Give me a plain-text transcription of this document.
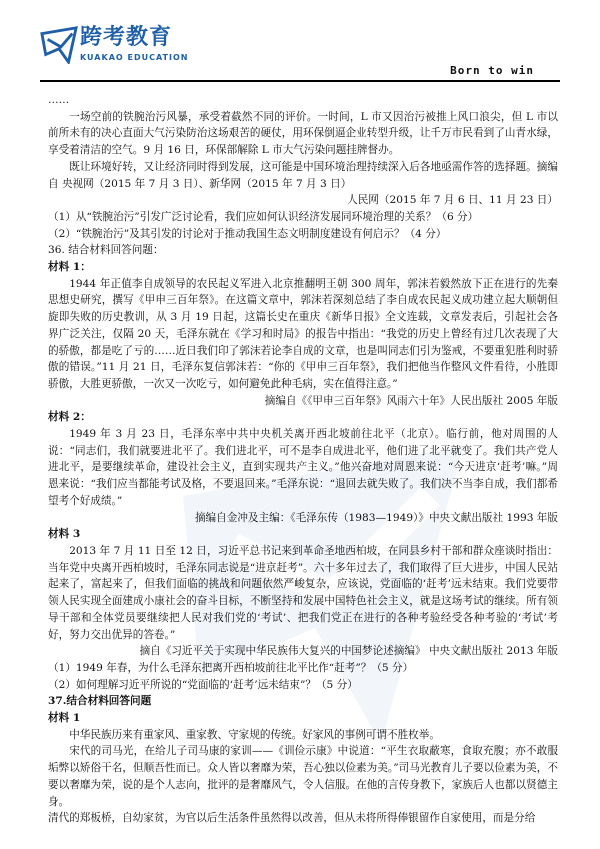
跨考教育
KUAKAO EDUCATION
Born to win

……

一场空前的铁腕治污风暴，承受着截然不同的评价。一时间，L 市又因治污被推上风口浪尖，但 L 市以前所未有的决心直面大气污染防治这场艰苦的硬仗，用环保倒逼企业转型升级，让千万市民看到了山青水绿，享受着清洁的空气。9 月 16 日，环保部解除 L 市大气污染问题挂牌督办。

既让环境好转，又让经济同时得到发展，这可能是中国环境治理持续深入后各地亟需作答的选择题。摘编自 央视网（2015 年 7 月 3 日）、新华网（2015 年 7 月 3 日）

人民网（2015 年 7 月 6 日、11 月 23 日）

（1）从“铁腕治污”引发广泛讨论看，我们应如何认识经济发展同环境治理的关系？（6 分）

（2）“铁腕治污”及其引发的讨论对于推动我国生态文明制度建设有何启示？（4 分）

36. 结合材料回答问题：

材料 1：

1944 年正值李自成领导的农民起义军进入北京推翻明王朝 300 周年，郭沫若毅然放下正在进行的先秦思想史研究，撰写《甲申三百年祭》。在这篇文章中，郭沫若深刻总结了李自成农民起义成功建立起大顺朝但旋即失败的历史教训，从 3 月 19 日起，这篇长史在重庆《新华日报》全文连载，文章发表后，引起社会各界广泛关注，仅隔 20 天，毛泽东就在《学习和时局》的报告中指出：“我党的历史上曾经有过几次表现了大的骄傲，都是吃了亏的……近日我们印了郭沫若论李自成的文章，也是叫同志们引为鉴戒，不要重犯胜利时骄傲的错误。”11 月 21 日，毛泽东复信郭沫若：“你的《甲申三百年祭》，我们把他当作整风文件看待，小胜即骄傲，大胜更骄傲，一次又一次吃亏，如何避免此种毛病，实在值得注意。”

摘编自《《甲申三百年祭》风雨六十年》人民出版社 2005 年版

材料 2：

1949 年 3 月 23 日，毛泽东率中共中央机关离开西北坡前往北平（北京）。临行前，他对周围的人说：“同志们，我们就要进北平了。我们进北平，可不是李自成进北平，他们进了北平就变了。我们共产党人进北平，是要继续革命，建设社会主义，直到实现共产主义。”他兴奋地对周恩来说：“今天进京‘赶考’嘛。”周恩来说：“我们应当都能考试及格，不要退回来。”毛泽东说：“退回去就失败了。我们决不当李自成，我们都希望考个好成绩。”

摘编自金冲及主编：《毛泽东传（1983—1949）》中央文献出版社 1993 年版

材料 3

2013 年 7 月 11 日至 12 日，习近平总书记来到革命圣地西柏坡，在同县乡村干部和群众座谈时指出：当年党中央离开西柏坡时，毛泽东同志说是“进京赶考”。六十多年过去了，我们取得了巨大进步，中国人民站起来了，富起来了，但我们面临的挑战和问题依然严峻复杂，应该说，党面临的‘赶考’远未结束。我们党要带领人民实现全面建成小康社会的奋斗目标，不断坚持和发展中国特色社会主义，就是这场考试的继续。所有领导干部和全体党员要继续把人民对我们党的‘考试’、把我们党正在进行的各种考验经受各种考验的‘考试’考好，努力交出优异的答卷。”

摘自《习近平关于实现中华民族伟大复兴的中国梦论述摘编》 中央文献出版社 2013 年版

（1）1949 年春，为什么毛泽东把离开西柏坡前往北平比作“赶考”？（5 分）

（2）如何理解习近平所说的“党面临的‘赶考’远未结束”？（5 分）

37.结合材料回答问题

材料 1

中华民族历来有重家风、重家教、守家规的传统。好家风的事例可谓不胜枚举。

宋代的司马光，在给儿子司马康的家训——《训俭示康》中说道：“平生衣取蔽寒，食取充腹；亦不敢服垢弊以矫俗干名，但顺吾性而已。众人皆以奢靡为荣，吾心独以俭素为美。”司马光教育儿子要以俭素为美，不要以奢靡为荣，说的是个人志向，批评的是奢靡风气，令人信服。在他的言传身教下，家族后人也都以贤德主身。

清代的郑板桥，自幼家贫，为官以后生活条件虽然得以改善，但从未将所得俸银留作自家使用，而是分给
